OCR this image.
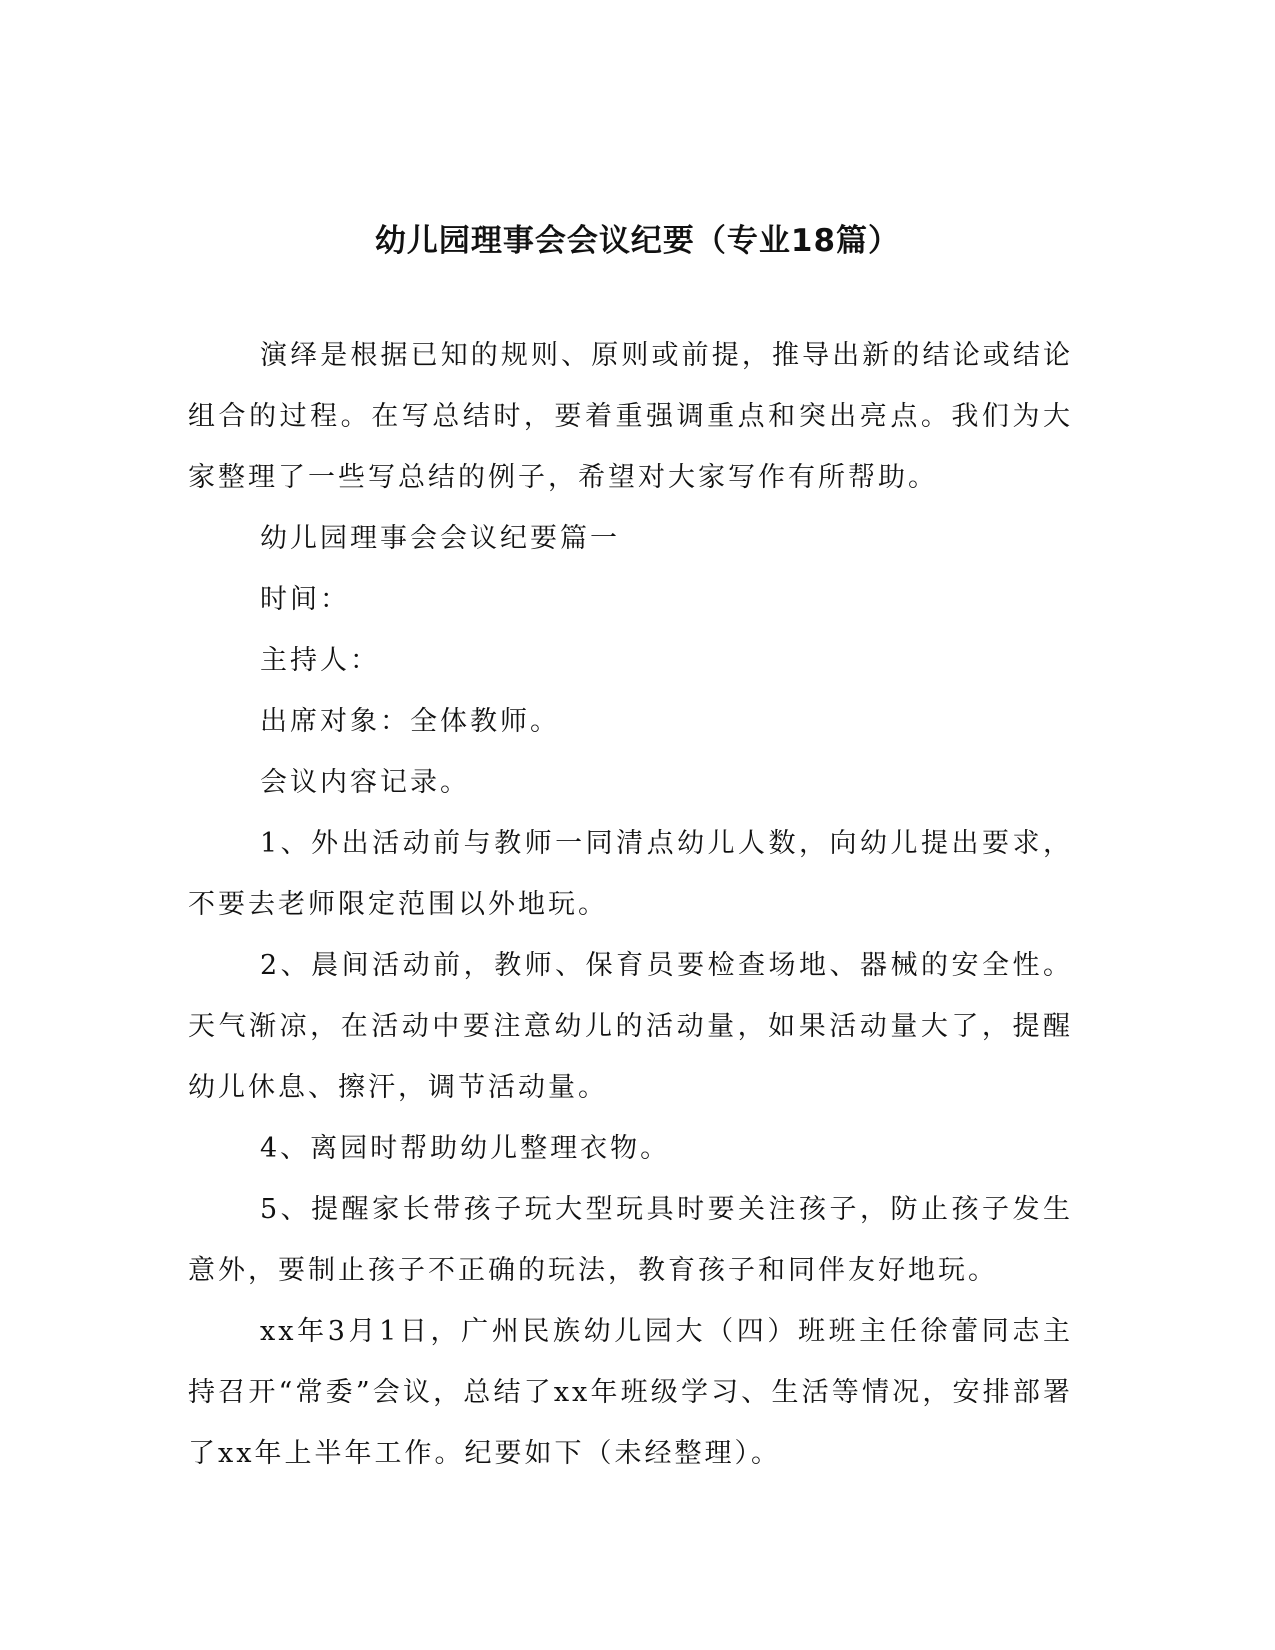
幼儿园理事会会议纪要（专业18篇）

演绎是根据已知的规则、原则或前提，推导出新的结论或结论组合的过程。在写总结时，要着重强调重点和突出亮点。我们为大家整理了一些写总结的例子，希望对大家写作有所帮助。

幼儿园理事会会议纪要篇一

时间：

主持人：

出席对象：全体教师。

会议内容记录。

1、外出活动前与教师一同清点幼儿人数，向幼儿提出要求，不要去老师限定范围以外地玩。

2、晨间活动前，教师、保育员要检查场地、器械的安全性。天气渐凉，在活动中要注意幼儿的活动量，如果活动量大了，提醒幼儿休息、擦汗，调节活动量。

4、离园时帮助幼儿整理衣物。

5、提醒家长带孩子玩大型玩具时要关注孩子，防止孩子发生意外，要制止孩子不正确的玩法，教育孩子和同伴友好地玩。

xx年3月1日，广州民族幼儿园大（四）班班主任徐蕾同志主持召开“常委”会议，总结了xx年班级学习、生活等情况，安排部署了xx年上半年工作。纪要如下（未经整理）。
